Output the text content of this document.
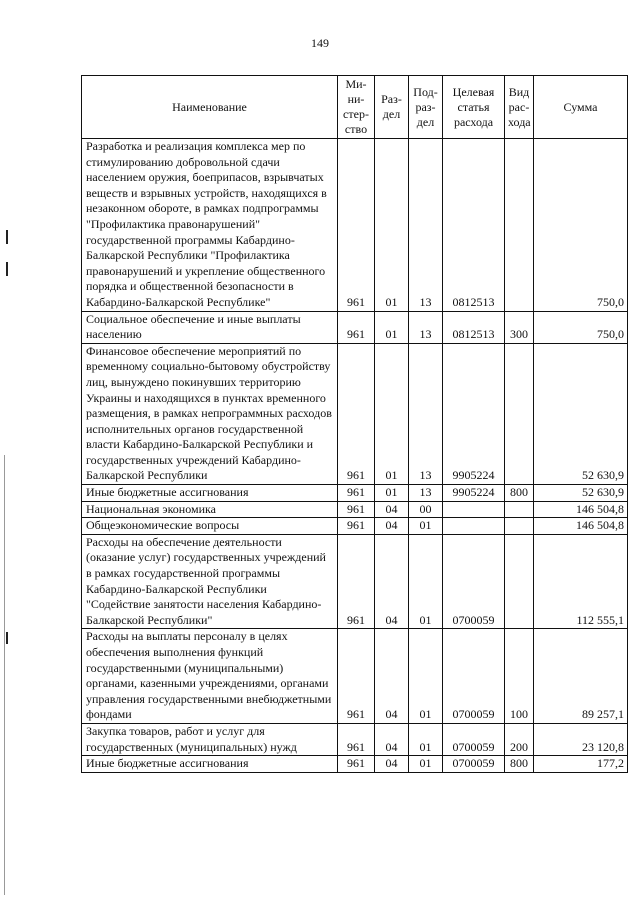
149
Наименование	Ми-ни-стер-ство	Раз-дел	Под-раз-дел	Целевая статья расхода	Вид рас-хода	Сумма
Разработка и реализация комплекса мер по стимулированию добровольной сдачи населением оружия, боеприпасов, взрывчатых веществ и взрывных устройств, находящихся в незаконном обороте, в рамках подпрограммы "Профилактика правонарушений" государственной программы Кабардино-Балкарской Республики "Профилактика правонарушений и укрепление общественного порядка и общественной безопасности в Кабардино-Балкарской Республике"	961	01	13	0812513		750,0
Социальное обеспечение и иные выплаты населению	961	01	13	0812513	300	750,0
Финансовое обеспечение мероприятий по временному социально-бытовому обустройству лиц, вынуждено покинувших территорию Украины и находящихся в пунктах временного размещения, в рамках непрограммных расходов исполнительных органов государственной власти Кабардино-Балкарской Республики и государственных учреждений Кабардино-Балкарской Республики	961	01	13	9905224		52 630,9
Иные бюджетные ассигнования	961	01	13	9905224	800	52 630,9
Национальная экономика	961	04	00			146 504,8
Общеэкономические вопросы	961	04	01			146 504,8
Расходы на обеспечение деятельности (оказание услуг) государственных учреждений в рамках государственной программы Кабардино-Балкарской Республики "Содействие занятости населения Кабардино-Балкарской Республики"	961	04	01	0700059		112 555,1
Расходы на выплаты персоналу в целях обеспечения выполнения функций государственными (муниципальными) органами, казенными учреждениями, органами управления государственными внебюджетными фондами	961	04	01	0700059	100	89 257,1
Закупка товаров, работ и услуг для государственных (муниципальных) нужд	961	04	01	0700059	200	23 120,8
Иные бюджетные ассигнования	961	04	01	0700059	800	177,2
